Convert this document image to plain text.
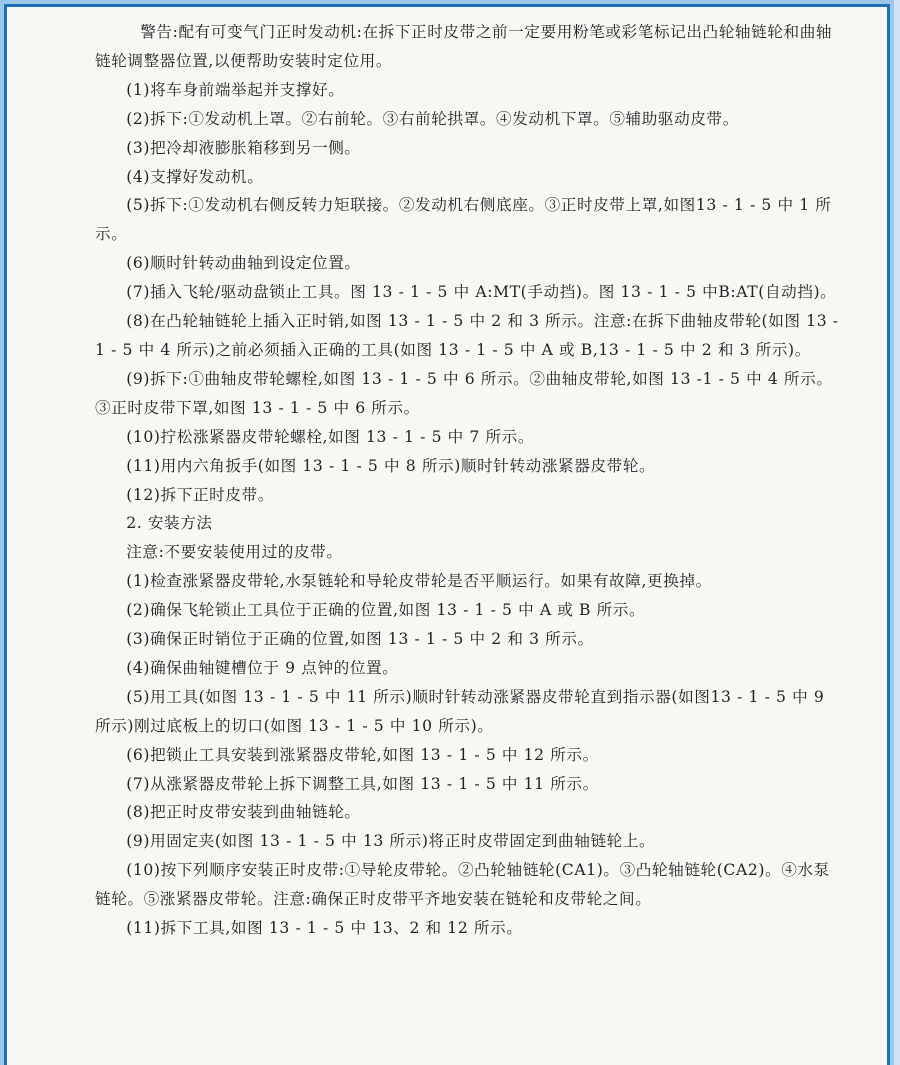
警告:配有可变气门正时发动机:在拆下正时皮带之前一定要用粉笔或彩笔标记出凸轮轴链轮和曲轴链轮调整器位置,以便帮助安装时定位用。

(1)将车身前端举起并支撑好。

(2)拆下:①发动机上罩。②右前轮。③右前轮拱罩。④发动机下罩。⑤辅助驱动皮带。

(3)把冷却液膨胀箱移到另一侧。

(4)支撑好发动机。

(5)拆下:①发动机右侧反转力矩联接。②发动机右侧底座。③正时皮带上罩,如图13 - 1 - 5 中 1 所示。

(6)顺时针转动曲轴到设定位置。

(7)插入飞轮/驱动盘锁止工具。图 13 - 1 - 5 中 A:MT(手动挡)。图 13 - 1 - 5 中B:AT(自动挡)。

(8)在凸轮轴链轮上插入正时销,如图 13 - 1 - 5 中 2 和 3 所示。注意:在拆下曲轴皮带轮(如图 13 - 1 - 5 中 4 所示)之前必须插入正确的工具(如图 13 - 1 - 5 中 A 或 B,13 - 1 - 5 中 2 和 3 所示)。

(9)拆下:①曲轴皮带轮螺栓,如图 13 - 1 - 5 中 6 所示。②曲轴皮带轮,如图 13 -1 - 5 中 4 所示。③正时皮带下罩,如图 13 - 1 - 5 中 6 所示。

(10)拧松涨紧器皮带轮螺栓,如图 13 - 1 - 5 中 7 所示。

(11)用内六角扳手(如图 13 - 1 - 5 中 8 所示)顺时针转动涨紧器皮带轮。

(12)拆下正时皮带。

2. 安装方法

注意:不要安装使用过的皮带。

(1)检查涨紧器皮带轮,水泵链轮和导轮皮带轮是否平顺运行。如果有故障,更换掉。

(2)确保飞轮锁止工具位于正确的位置,如图 13 - 1 - 5 中 A 或 B 所示。

(3)确保正时销位于正确的位置,如图 13 - 1 - 5 中 2 和 3 所示。

(4)确保曲轴键槽位于 9 点钟的位置。

(5)用工具(如图 13 - 1 - 5 中 11 所示)顺时针转动涨紧器皮带轮直到指示器(如图13 - 1 - 5 中 9 所示)刚过底板上的切口(如图 13 - 1 - 5 中 10 所示)。

(6)把锁止工具安装到涨紧器皮带轮,如图 13 - 1 - 5 中 12 所示。

(7)从涨紧器皮带轮上拆下调整工具,如图 13 - 1 - 5 中 11 所示。

(8)把正时皮带安装到曲轴链轮。

(9)用固定夹(如图 13 - 1 - 5 中 13 所示)将正时皮带固定到曲轴链轮上。

(10)按下列顺序安装正时皮带:①导轮皮带轮。②凸轮轴链轮(CA1)。③凸轮轴链轮(CA2)。④水泵链轮。⑤涨紧器皮带轮。注意:确保正时皮带平齐地安装在链轮和皮带轮之间。

(11)拆下工具,如图 13 - 1 - 5 中 13、2 和 12 所示。
